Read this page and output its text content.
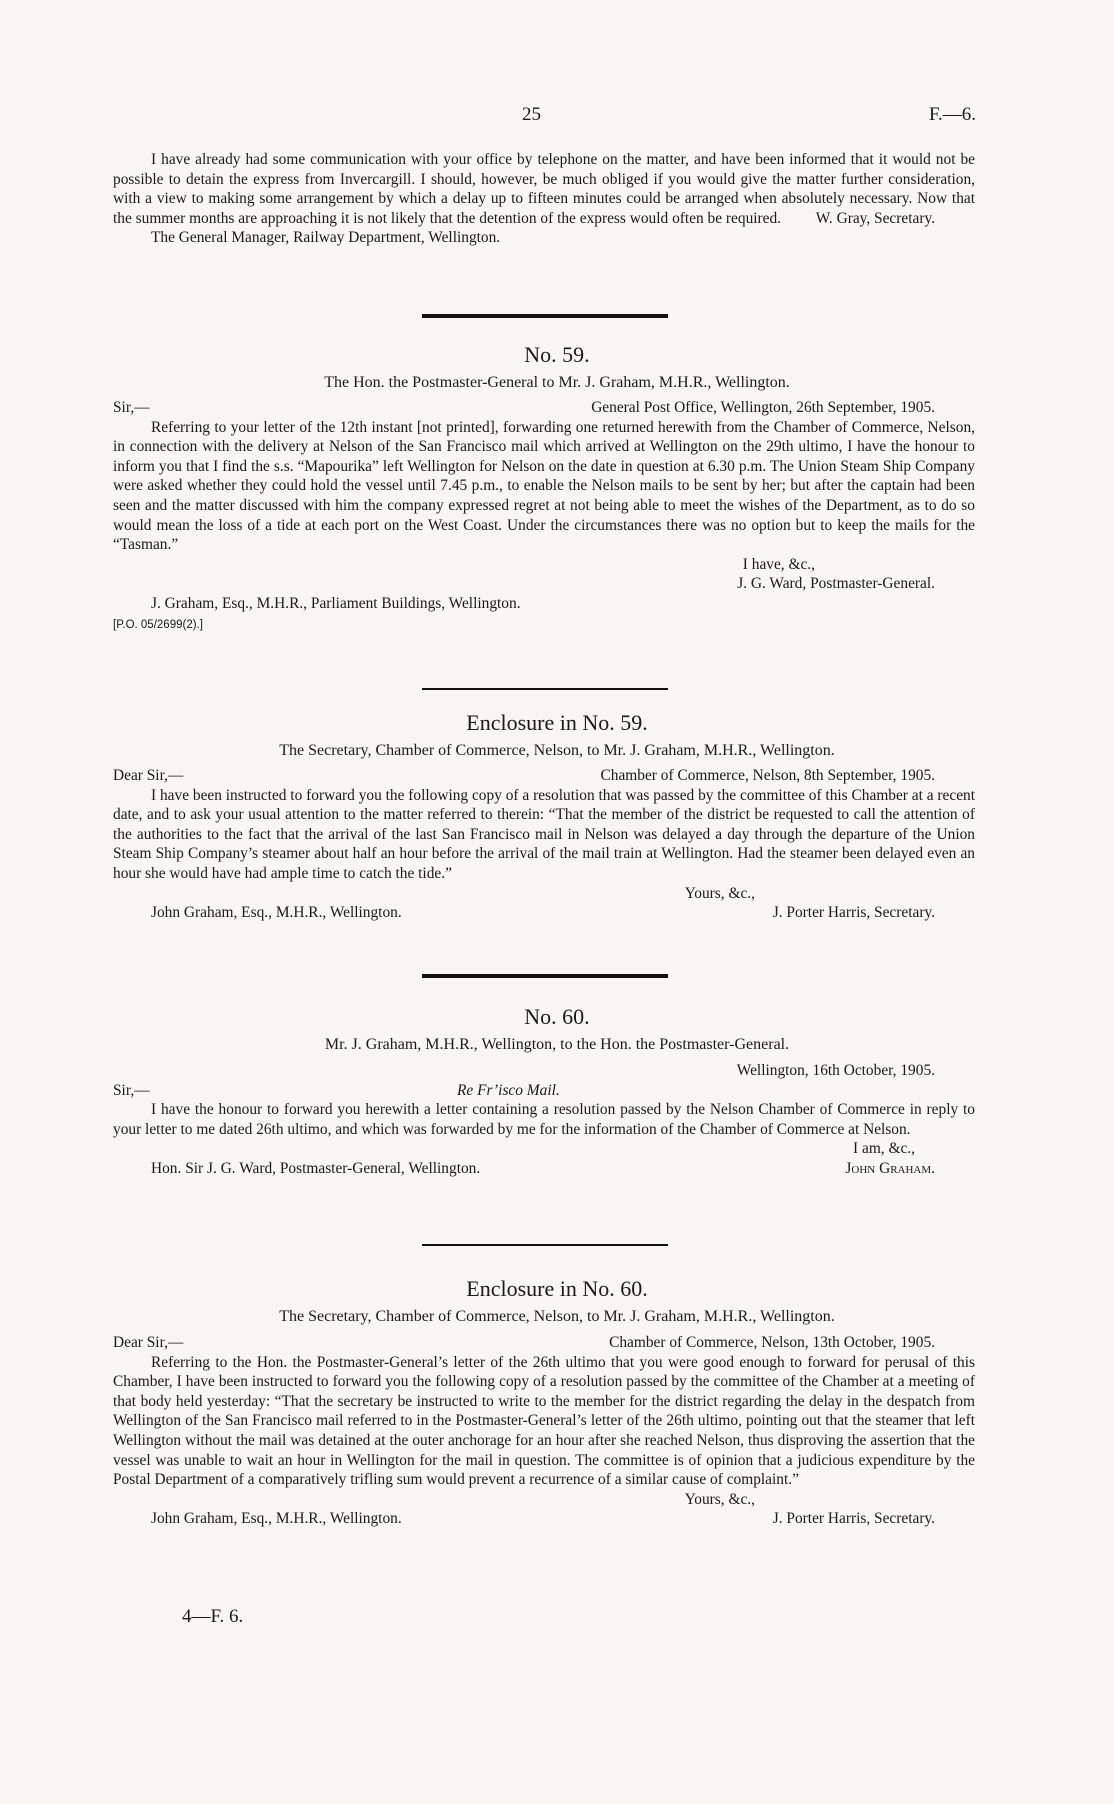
25	F.—6.

I have already had some communication with your office by telephone on the matter, and have been informed that it would not be possible to detain the express from Invercargill. I should, however, be much obliged if you would give the matter further consideration, with a view to making some arrangement by which a delay up to fifteen minutes could be arranged when absolutely necessary. Now that the summer months are approaching it is not likely that the detention of the express would often be required.	W. Gray, Secretary.
The General Manager, Railway Department, Wellington.
No. 59.
The Hon. the Postmaster-General to Mr. J. Graham, M.H.R., Wellington.
Sir,—	General Post Office, Wellington, 26th September, 1905.

Referring to your letter of the 12th instant [not printed], forwarding one returned herewith from the Chamber of Commerce, Nelson, in connection with the delivery at Nelson of the San Francisco mail which arrived at Wellington on the 29th ultimo, I have the honour to inform you that I find the s.s. “Mapourika” left Wellington for Nelson on the date in question at 6.30 p.m. The Union Steam Ship Company were asked whether they could hold the vessel until 7.45 p.m., to enable the Nelson mails to be sent by her; but after the captain had been seen and the matter discussed with him the company expressed regret at not being able to meet the wishes of the Department, as to do so would mean the loss of a tide at each port on the West Coast. Under the circumstances there was no option but to keep the mails for the “Tasman.”

I have, &c.,
J. G. Ward, Postmaster-General.
J. Graham, Esq., M.H.R., Parliament Buildings, Wellington.
[P.O. 05/2699(2).]
Enclosure in No. 59.
The Secretary, Chamber of Commerce, Nelson, to Mr. J. Graham, M.H.R., Wellington.
Dear Sir,—	Chamber of Commerce, Nelson, 8th September, 1905.

I have been instructed to forward you the following copy of a resolution that was passed by the committee of this Chamber at a recent date, and to ask your usual attention to the matter referred to therein: “That the member of the district be requested to call the attention of the authorities to the fact that the arrival of the last San Francisco mail in Nelson was delayed a day through the departure of the Union Steam Ship Company’s steamer about half an hour before the arrival of the mail train at Wellington. Had the steamer been delayed even an hour she would have had ample time to catch the tide.”

Yours, &c.,
John Graham, Esq., M.H.R., Wellington.	J. Porter Harris, Secretary.
No. 60.
Mr. J. Graham, M.H.R., Wellington, to the Hon. the Postmaster-General.
Wellington, 16th October, 1905.
Sir,—	Re Fr’isco Mail.

I have the honour to forward you herewith a letter containing a resolution passed by the Nelson Chamber of Commerce in reply to your letter to me dated 26th ultimo, and which was forwarded by me for the information of the Chamber of Commerce at Nelson.

I am, &c.,
Hon. Sir J. G. Ward, Postmaster-General, Wellington.	John Graham.
Enclosure in No. 60.
The Secretary, Chamber of Commerce, Nelson, to Mr. J. Graham, M.H.R., Wellington.
Dear Sir,—	Chamber of Commerce, Nelson, 13th October, 1905.

Referring to the Hon. the Postmaster-General’s letter of the 26th ultimo that you were good enough to forward for perusal of this Chamber, I have been instructed to forward you the following copy of a resolution passed by the committee of the Chamber at a meeting of that body held yesterday: “That the secretary be instructed to write to the member for the district regarding the delay in the despatch from Wellington of the San Francisco mail referred to in the Postmaster-General’s letter of the 26th ultimo, pointing out that the steamer that left Wellington without the mail was detained at the outer anchorage for an hour after she reached Nelson, thus disproving the assertion that the vessel was unable to wait an hour in Wellington for the mail in question. The committee is of opinion that a judicious expenditure by the Postal Department of a comparatively trifling sum would prevent a recurrence of a similar cause of complaint.”

Yours, &c.,
John Graham, Esq., M.H.R., Wellington.	J. Porter Harris, Secretary.
4—F. 6.
